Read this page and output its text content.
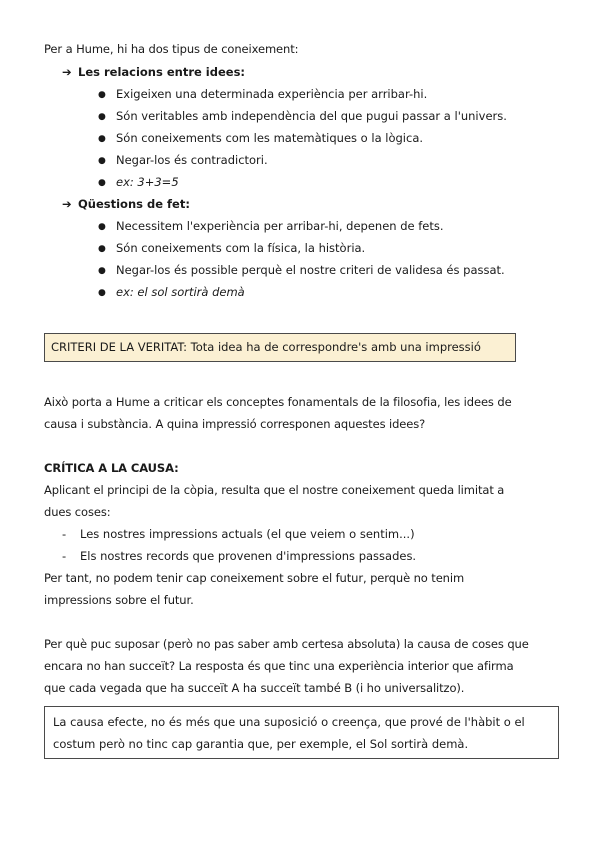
Per a Hume, hi ha dos tipus de coneixement:
➔ Les relacions entre idees:
● Exigeixen una determinada experiència per arribar-hi.
● Són veritables amb independència del que pugui passar a l'univers.
● Són coneixements com les matemàtiques o la lògica.
● Negar-los és contradictori.
● ex: 3+3=5
➔ Qüestions de fet:
● Necessitem l'experiència per arribar-hi, depenen de fets.
● Són coneixements com la física, la història.
● Negar-los és possible perquè el nostre criteri de validesa és passat.
● ex: el sol sortirà demà
CRITERI DE LA VERITAT: Tota idea ha de correspondre's amb una impressió
Això porta a Hume a criticar els conceptes fonamentals de la filosofia, les idees de
causa i substància. A quina impressió corresponen aquestes idees?
CRÍTICA A LA CAUSA:
Aplicant el principi de la còpia, resulta que el nostre coneixement queda limitat a
dues coses:
- Les nostres impressions actuals (el que veiem o sentim...)
- Els nostres records que provenen d'impressions passades.
Per tant, no podem tenir cap coneixement sobre el futur, perquè no tenim
impressions sobre el futur.
Per què puc suposar (però no pas saber amb certesa absoluta) la causa de coses que
encara no han succeït? La resposta és que tinc una experiència interior que afirma
que cada vegada que ha succeït A ha succeït també B (i ho universalitzo).
La causa efecte, no és més que una suposició o creença, que prové de l'hàbit o el
costum però no tinc cap garantia que, per exemple, el Sol sortirà demà.
